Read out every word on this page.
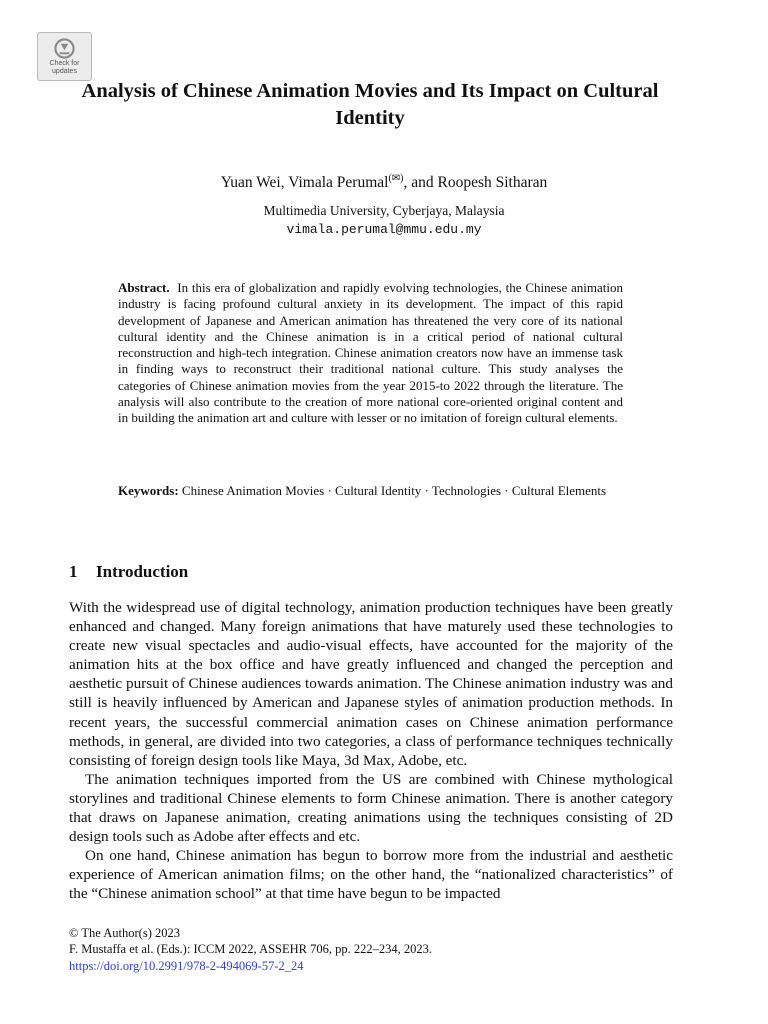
Check for updates
Analysis of Chinese Animation Movies and Its Impact on Cultural Identity
Yuan Wei, Vimala Perumal(✉), and Roopesh Sitharan
Multimedia University, Cyberjaya, Malaysia
vimala.perumal@mmu.edu.my

Abstract. In this era of globalization and rapidly evolving technologies, the Chinese animation industry is facing profound cultural anxiety in its development. The impact of this rapid development of Japanese and American animation has threatened the very core of its national cultural identity and the Chinese animation is in a critical period of national cultural reconstruction and high-tech integration. Chinese animation creators now have an immense task in finding ways to reconstruct their traditional national culture. This study analyses the categories of Chinese animation movies from the year 2015-to 2022 through the literature. The analysis will also contribute to the creation of more national core-oriented original content and in building the animation art and culture with lesser or no imitation of foreign cultural elements.

Keywords: Chinese Animation Movies · Cultural Identity · Technologies · Cultural Elements

1 Introduction

With the widespread use of digital technology, animation production techniques have been greatly enhanced and changed. Many foreign animations that have maturely used these technologies to create new visual spectacles and audio-visual effects, have accounted for the majority of the animation hits at the box office and have greatly influenced and changed the perception and aesthetic pursuit of Chinese audiences towards animation. The Chinese animation industry was and still is heavily influenced by American and Japanese styles of animation production methods. In recent years, the successful commercial animation cases on Chinese animation performance methods, in general, are divided into two categories, a class of performance techniques technically consisting of foreign design tools like Maya, 3d Max, Adobe, etc.

The animation techniques imported from the US are combined with Chinese mythological storylines and traditional Chinese elements to form Chinese animation. There is another category that draws on Japanese animation, creating animations using the techniques consisting of 2D design tools such as Adobe after effects and etc.

On one hand, Chinese animation has begun to borrow more from the industrial and aesthetic experience of American animation films; on the other hand, the “nationalized characteristics” of the “Chinese animation school” at that time have begun to be impacted

© The Author(s) 2023
F. Mustaffa et al. (Eds.): ICCM 2022, ASSEHR 706, pp. 222–234, 2023.
https://doi.org/10.2991/978-2-494069-57-2_24
